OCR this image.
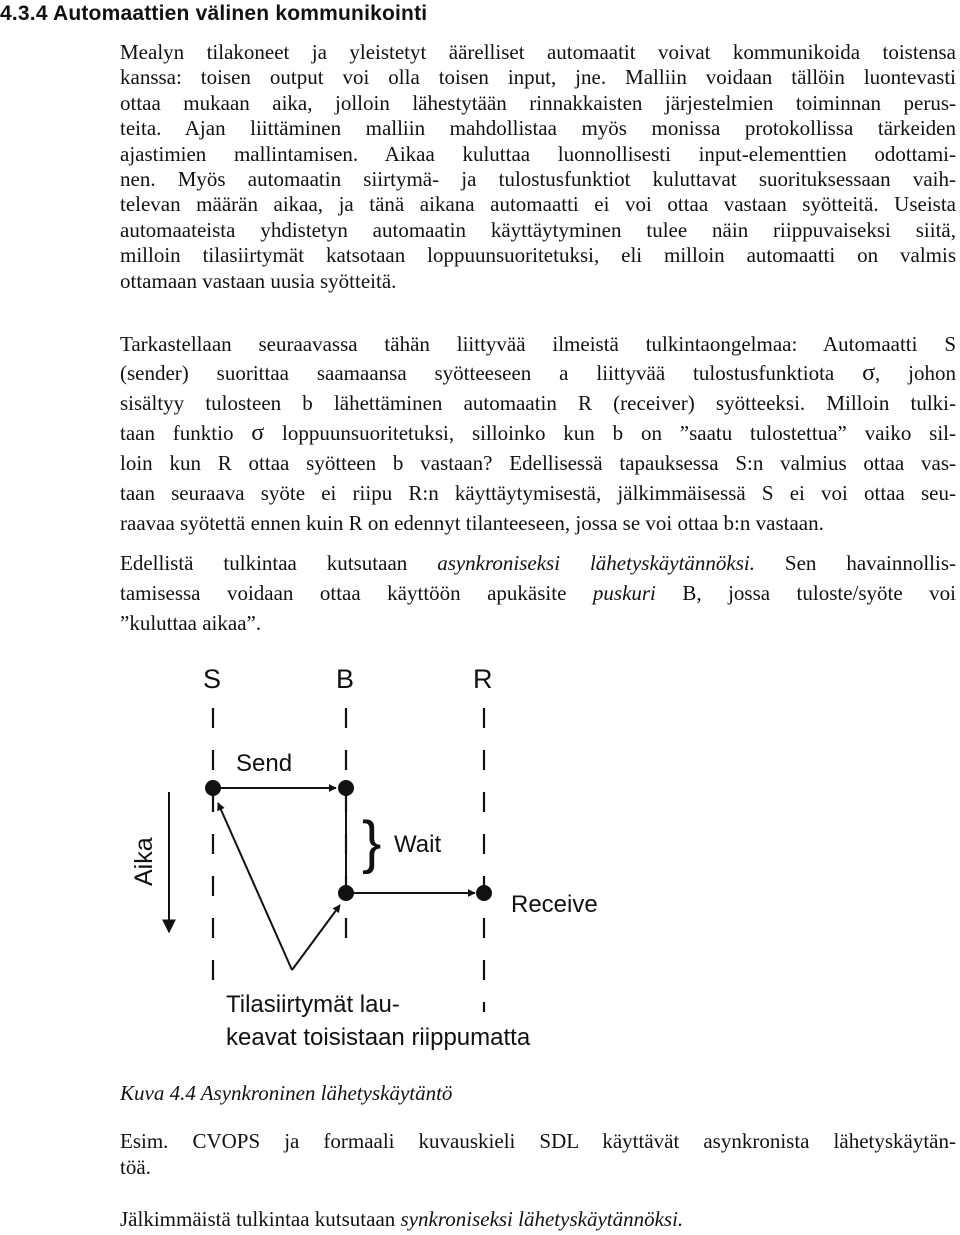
4.3.4 Automaattien välinen kommunikointi
Mealyn tilakoneet ja yleistetyt äärelliset automaatit voivat kommunikoida toistensa
kanssa: toisen output voi olla toisen input, jne. Malliin voidaan tällöin luontevasti
ottaa mukaan aika, jolloin lähestytään rinnakkaisten järjestelmien toiminnan perus-
teita. Ajan liittäminen malliin mahdollistaa myös monissa protokollissa tärkeiden
ajastimien mallintamisen. Aikaa kuluttaa luonnollisesti input-elementtien odottami-
nen. Myös automaatin siirtymä- ja tulostusfunktiot kuluttavat suorituksessaan vaih-
televan määrän aikaa, ja tänä aikana automaatti ei voi ottaa vastaan syötteitä. Useista
automaateista yhdistetyn automaatin käyttäytyminen tulee näin riippuvaiseksi siitä,
milloin tilasiirtymät katsotaan loppuunsuoritetuksi, eli milloin automaatti on valmis
ottamaan vastaan uusia syötteitä.
Tarkastellaan seuraavassa tähän liittyvää ilmeistä tulkintaongelmaa: Automaatti S
(sender) suorittaa saamaansa syötteeseen a liittyvää tulostusfunktiota σ, johon
sisältyy tulosteen b lähettäminen automaatin R (receiver) syötteeksi. Milloin tulki-
taan funktio σ loppuunsuoritetuksi, silloinko kun b on ”saatu tulostettua” vaiko sil-
loin kun R ottaa syötteen b vastaan? Edellisessä tapauksessa S:n valmius ottaa vas-
taan seuraava syöte ei riipu R:n käyttäytymisestä, jälkimmäisessä S ei voi ottaa seu-
raavaa syötettä ennen kuin R on edennyt tilanteeseen, jossa se voi ottaa b:n vastaan.
Edellistä tulkintaa kutsutaan asynkroniseksi lähetyskäytännöksi. Sen havainnollis-
tamisessa voidaan ottaa käyttöön apukäsite puskuri B, jossa tuloste/syöte voi
”kuluttaa aikaa”.
S	B	R
Send
} Wait
Receive
Aika
Tilasiirtymät lau-
keavat toisistaan riippumatta

Kuva 4.4 Asynkroninen lähetyskäytäntö

Esim. CVOPS ja formaali kuvauskieli SDL käyttävät asynkronista lähetyskäytän-
töä.
Jälkimmäistä tulkintaa kutsutaan synkroniseksi lähetyskäytännöksi.
